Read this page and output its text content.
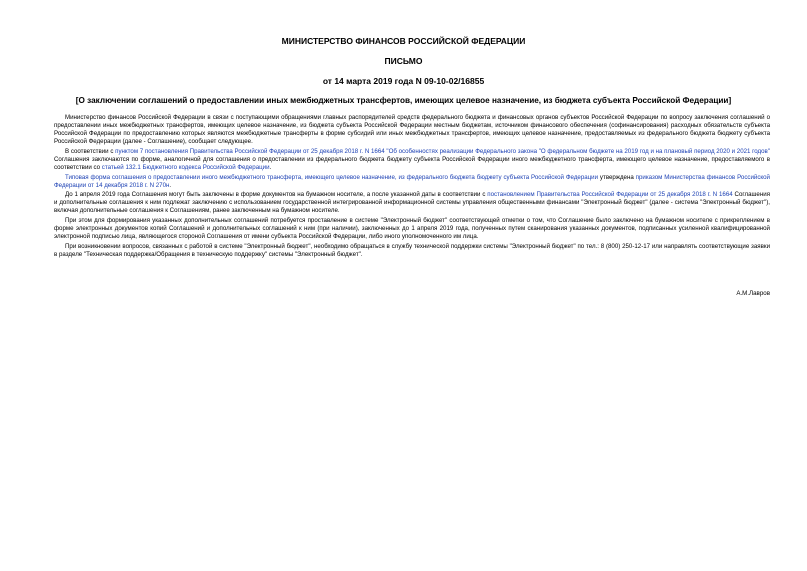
МИНИСТЕРСТВО ФИНАНСОВ РОССИЙСКОЙ ФЕДЕРАЦИИ
ПИСЬМО
от 14 марта 2019 года N 09-10-02/16855
[О заключении соглашений о предоставлении иных межбюджетных трансфертов, имеющих целевое назначение, из бюджета субъекта Российской Федерации]

Министерство финансов Российской Федерации в связи с поступающими обращениями главных распорядителей средств федерального бюджета и финансовых органов субъектов Российской Федерации по вопросу заключения соглашений о предоставлении иных межбюджетных трансфертов, имеющих целевое назначение, из бюджета субъекта Российской Федерации местным бюджетам, источником финансового обеспечения (софинансирования) расходных обязательств субъекта Российской Федерации по предоставлению которых являются межбюджетные трансферты в форме субсидий или иных межбюджетных трансфертов, имеющих целевое назначение, предоставляемых из федерального бюджета бюджету субъекта Российской Федерации (далее - Соглашение), сообщает следующее.

В соответствии с пунктом 7 постановления Правительства Российской Федерации от 25 декабря 2018 г. N 1664 "Об особенностях реализации Федерального закона "О федеральном бюджете на 2019 год и на плановый период 2020 и 2021 годов" Соглашения заключаются по форме, аналогичной для соглашения о предоставлении из федерального бюджета бюджету субъекта Российской Федерации иного межбюджетного трансферта, имеющего целевое назначение, предоставляемого в соответствии со статьей 132.1 Бюджетного кодекса Российской Федерации.

Типовая форма соглашения о предоставлении иного межбюджетного трансферта, имеющего целевое назначение, из федерального бюджета бюджету субъекта Российской Федерации утверждена приказом Министерства финансов Российской Федерации от 14 декабря 2018 г. N 270н.

До 1 апреля 2019 года Соглашения могут быть заключены в форме документов на бумажном носителе, а после указанной даты в соответствии с постановлением Правительства Российской Федерации от 25 декабря 2018 г. N 1664 Соглашения и дополнительные соглашения к ним подлежат заключению с использованием государственной интегрированной информационной системы управления общественными финансами "Электронный бюджет" (далее - система "Электронный бюджет"), включая дополнительные соглашения к Соглашениям, ранее заключенным на бумажном носителе.

При этом для формирования указанных дополнительных соглашений потребуется проставление в системе "Электронный бюджет" соответствующей отметки о том, что Соглашение было заключено на бумажном носителе с прикреплением в форме электронных документов копий Соглашений и дополнительных соглашений к ним (при наличии), заключенных до 1 апреля 2019 года, полученных путем сканирования указанных документов, подписанных усиленной квалифицированной электронной подписью лица, являющегося стороной Соглашения от имени субъекта Российской Федерации, либо иного уполномоченного им лица.

При возникновении вопросов, связанных с работой в системе "Электронный бюджет", необходимо обращаться в службу технической поддержки системы "Электронный бюджет" по тел.: 8 (800) 250-12-17 или направлять соответствующие заявки в разделе "Техническая поддержка/Обращения в техническую поддержку" системы "Электронный бюджет".

А.М.Лавров
